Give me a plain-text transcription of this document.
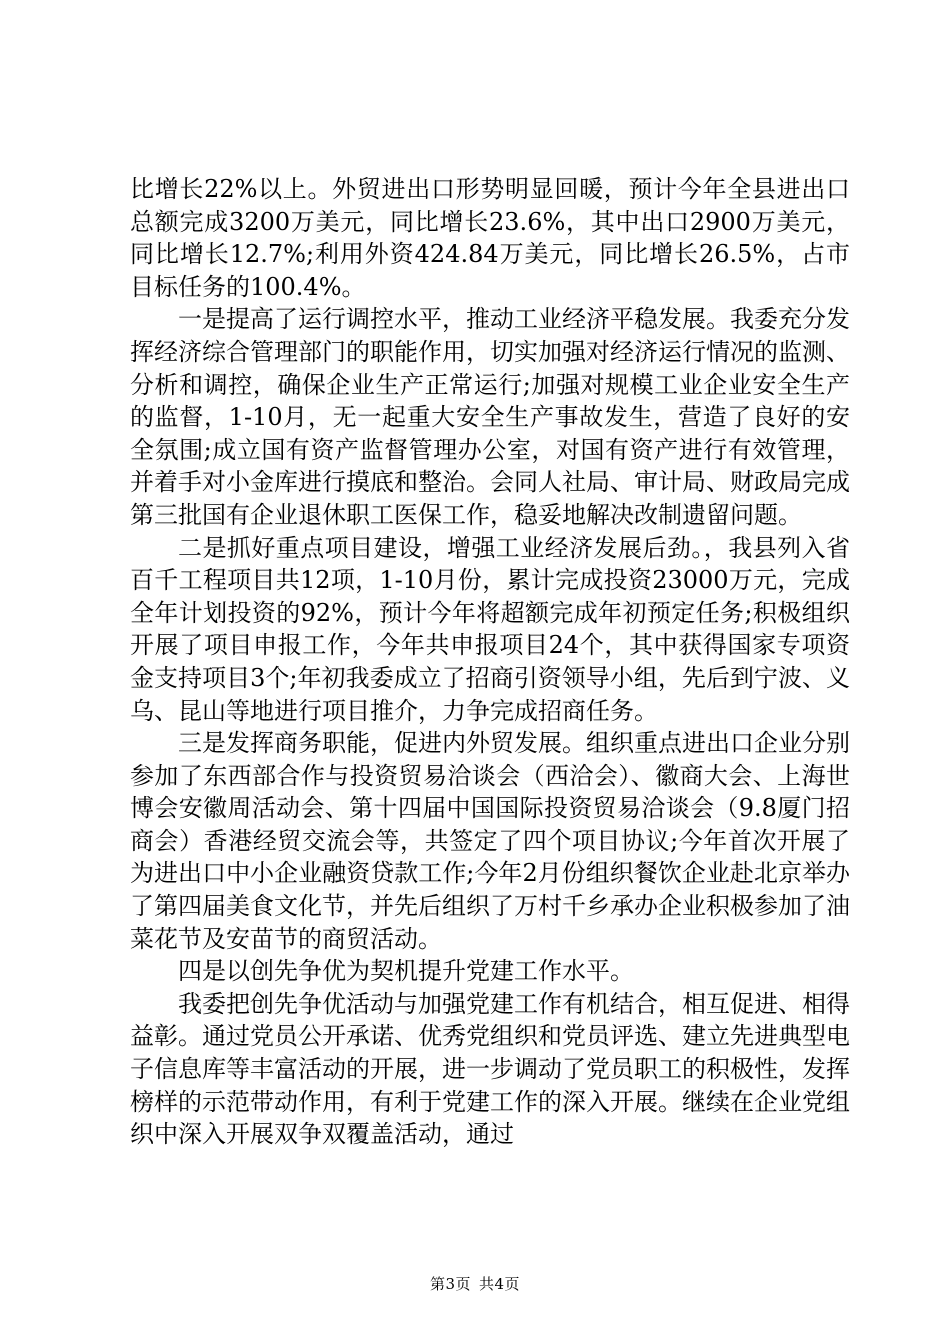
比增长22%以上。外贸进出口形势明显回暖，预计今年全县进出口总额完成3200万美元，同比增长23.6%，其中出口2900万美元，同比增长12.7%;利用外资424.84万美元，同比增长26.5%，占市目标任务的100.4%。

一是提高了运行调控水平，推动工业经济平稳发展。我委充分发挥经济综合管理部门的职能作用，切实加强对经济运行情况的监测、分析和调控，确保企业生产正常运行;加强对规模工业企业安全生产的监督，1-10月，无一起重大安全生产事故发生，营造了良好的安全氛围;成立国有资产监督管理办公室，对国有资产进行有效管理，并着手对小金库进行摸底和整治。会同人社局、审计局、财政局完成第三批国有企业退休职工医保工作，稳妥地解决改制遗留问题。

二是抓好重点项目建设，增强工业经济发展后劲。，我县列入省百千工程项目共12项，1-10月份，累计完成投资23000万元，完成全年计划投资的92%，预计今年将超额完成年初预定任务;积极组织开展了项目申报工作，今年共申报项目24个，其中获得国家专项资金支持项目3个;年初我委成立了招商引资领导小组，先后到宁波、义乌、昆山等地进行项目推介，力争完成招商任务。

三是发挥商务职能，促进内外贸发展。组织重点进出口企业分别参加了东西部合作与投资贸易洽谈会（西洽会）、徽商大会、上海世博会安徽周活动会、第十四届中国国际投资贸易洽谈会（9.8厦门招商会）香港经贸交流会等，共签定了四个项目协议;今年首次开展了为进出口中小企业融资贷款工作;今年2月份组织餐饮企业赴北京举办了第四届美食文化节，并先后组织了万村千乡承办企业积极参加了油菜花节及安苗节的商贸活动。

四是以创先争优为契机提升党建工作水平。

我委把创先争优活动与加强党建工作有机结合，相互促进、相得益彰。通过党员公开承诺、优秀党组织和党员评选、建立先进典型电子信息库等丰富活动的开展，进一步调动了党员职工的积极性，发挥榜样的示范带动作用，有利于党建工作的深入开展。继续在企业党组织中深入开展双争双覆盖活动，通过

第3页 共4页
